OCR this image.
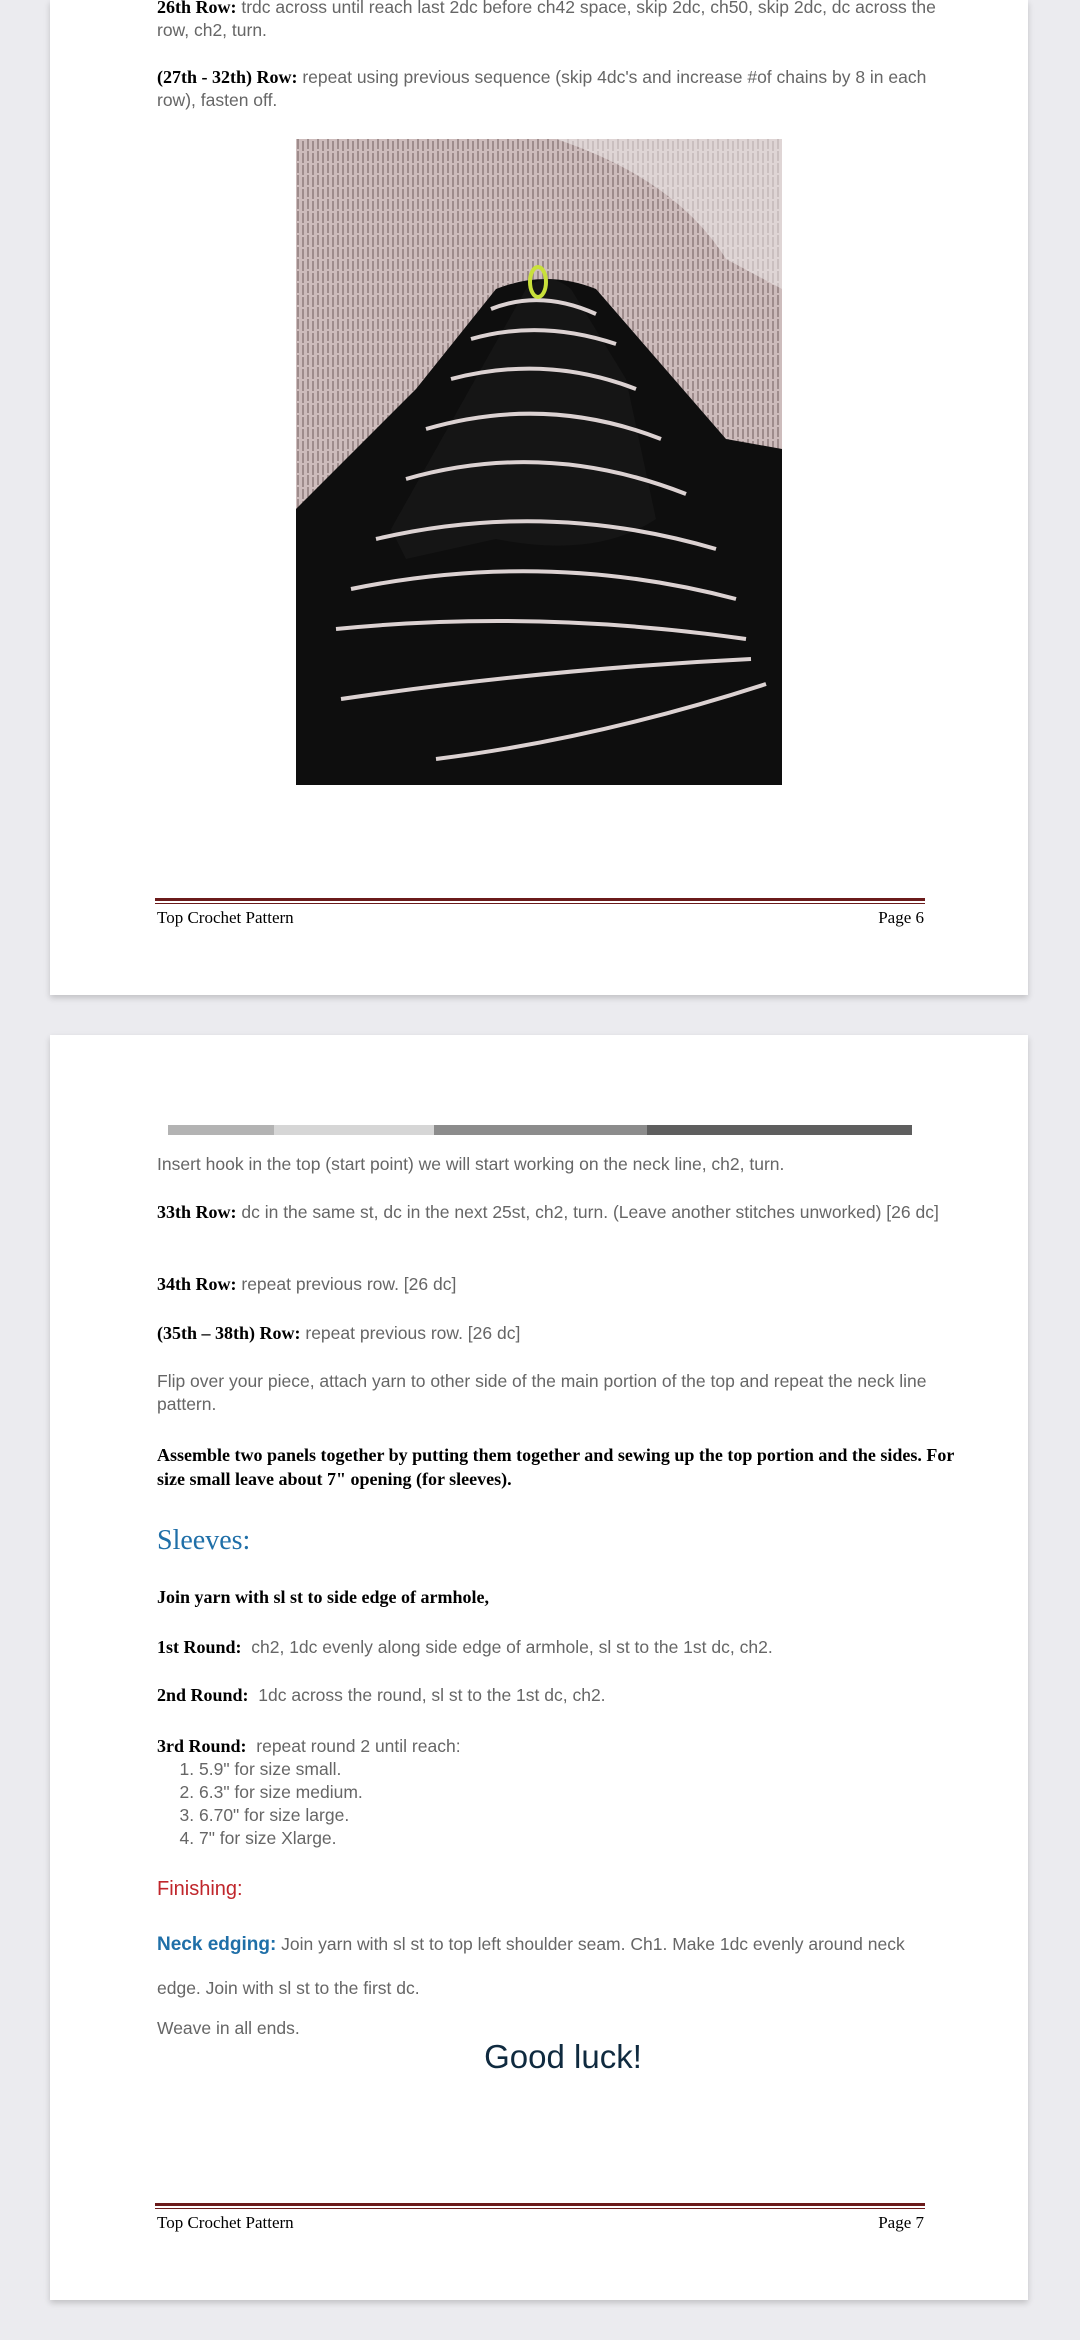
26th Row: trdc across until reach last 2dc before ch42 space, skip 2dc, ch50, skip 2dc, dc across the row, ch2, turn.

(27th - 32th) Row: repeat using previous sequence (skip 4dc's and increase #of chains by 8 in each row), fasten off.

Top Crochet Pattern	Page 6

Insert hook in the top (start point) we will start working on the neck line, ch2, turn.

33th Row: dc in the same st, dc in the next 25st, ch2, turn. (Leave another stitches unworked) [26 dc]

34th Row: repeat previous row. [26 dc]

(35th – 38th) Row: repeat previous row. [26 dc]

Flip over your piece, attach yarn to other side of the main portion of the top and repeat the neck line pattern.

Assemble two panels together by putting them together and sewing up the top portion and the sides. For size small leave about 7" opening (for sleeves).

Sleeves:

Join yarn with sl st to side edge of armhole,

1st Round:  ch2, 1dc evenly along side edge of armhole, sl st to the 1st dc, ch2.

2nd Round:  1dc across the round, sl st to the 1st dc, ch2.

3rd Round:  repeat round 2 until reach:

1. 5.9" for size small.
2. 6.3" for size medium.
3. 6.70" for size large.
4. 7" for size Xlarge.
Finishing:

Neck edging: Join yarn with sl st to top left shoulder seam. Ch1. Make 1dc evenly around neck

edge. Join with sl st to the first dc.

Weave in all ends.

Good luck!
Top Crochet Pattern	Page 7
